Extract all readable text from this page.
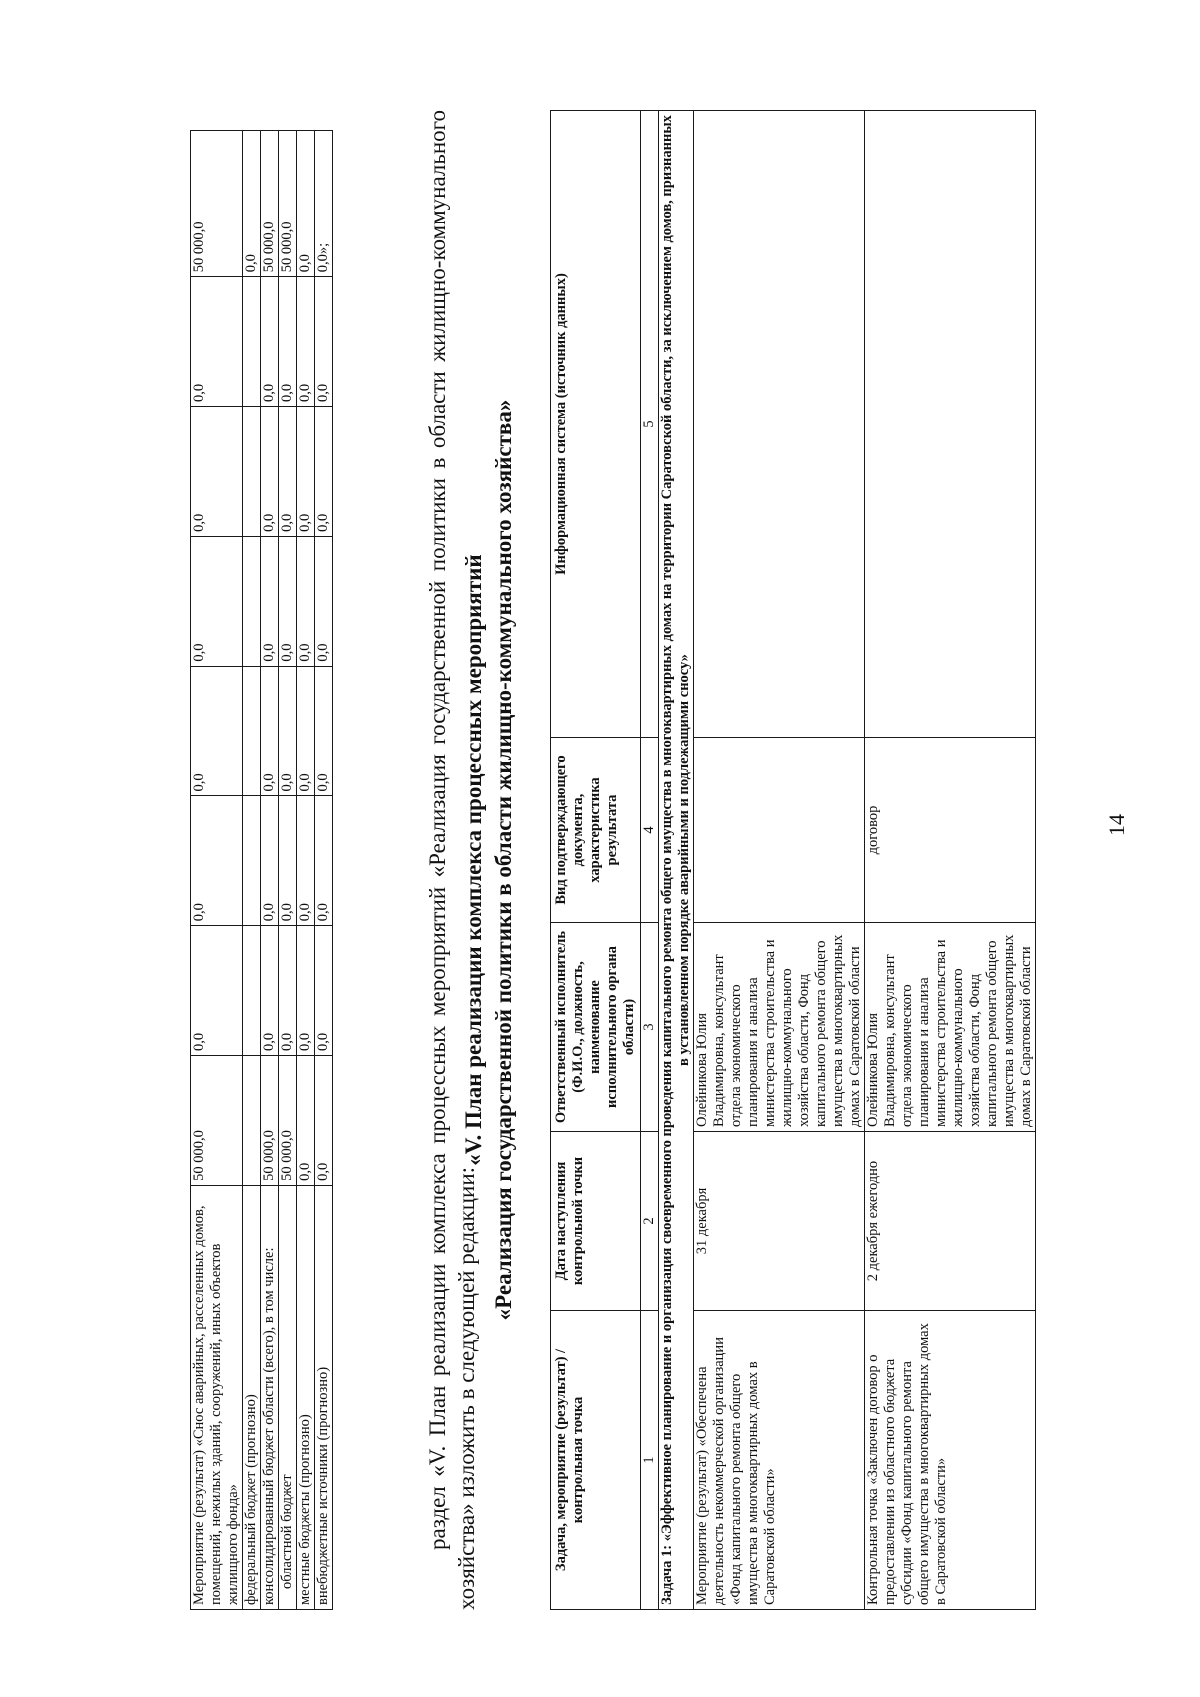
14
Мероприятие (результат) «Снос аварийных, расселенных домов, помещений, нежилых зданий, сооружений, иных объектов жилищного фонда»	50 000,0	0,0	0,0	0,0	0,0	0,0	0,0	50 000,0
федеральный бюджет (прогнозно)								0,0
консолидированный бюджет области (всего), в том числе:	50 000,0	0,0	0,0	0,0	0,0	0,0	0,0	50 000,0
областной бюджет	50 000,0	0,0	0,0	0,0	0,0	0,0	0,0	50 000,0
местные бюджеты (прогнозно)	0,0	0,0	0,0	0,0	0,0	0,0	0,0	0,0
внебюджетные источники (прогнозно)	0,0	0,0	0,0	0,0	0,0	0,0	0,0	0,0»;	раздел «V. План реализации комплекса процессных мероприятий «Реализация государственной политики в области жилищно-коммунального хозяйства» изложить в следующей редакции:

«V. План реализации комплекса процессных мероприятий «Реализация государственной политики в области жилищно-коммунального хозяйства»
Задача, мероприятие (результат) / контрольная точка	Дата наступления контрольной точки	Ответственный исполнитель (Ф.И.О., должность, наименование исполнительного органа области)	Вид подтверждающего документа, характеристика результата	Информационная система (источник данных)
1	2	3	4	5
Задача 1: «Эффективное планирование и организация своевременного проведения капитального ремонта общего имущества в многоквартирных домах на территории Саратовской области, за исключением домов, признанных в установленном порядке аварийными и подлежащими сносу»				
Мероприятие (результат) «Обеспечена деятельность некоммерческой организации «Фонд капитального ремонта общего имущества в многоквартирных домах в Саратовской области»	31 декабря	Олейникова Юлия Владимировна, консультант отдела экономического планирования и анализа министерства строительства и жилищно-коммунального хозяйства области, Фонд капитального ремонта общего имущества в многоквартирных домах в Саратовской области		
Контрольная точка «Заключен договор о предоставлении из областного бюджета субсидии «Фонд капитального ремонта общего имущества в многоквартирных домах в Саратовской области»	2 декабря ежегодно	Олейникова Юлия Владимировна, консультант отдела экономического планирования и анализа министерства строительства и жилищно-коммунального хозяйства области, Фонд капитального ремонта общего имущества в многоквартирных домах в Саратовской области	договор	
